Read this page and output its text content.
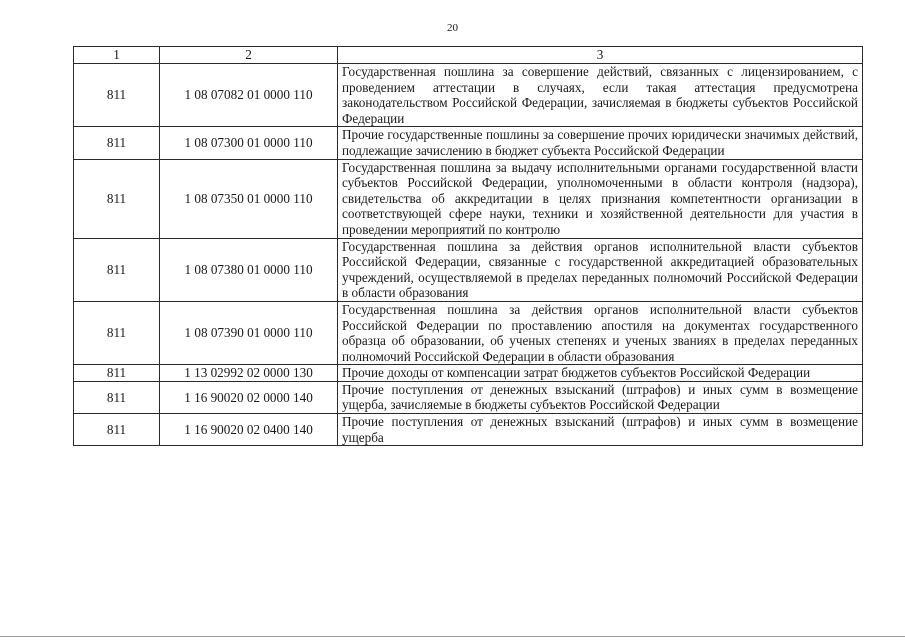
20
1	2	3
811	1 08 07082 01 0000 110	Государственная пошлина за совершение действий, связанных с лицензированием, с проведением аттестации в случаях, если такая аттестация предусмотрена законодательством Российской Федерации, зачисляемая в бюджеты субъектов Российской Федерации
811	1 08 07300 01 0000 110	Прочие государственные пошлины за совершение прочих юридически значимых действий, подлежащие зачислению в бюджет субъекта Российской Федерации
811	1 08 07350 01 0000 110	Государственная пошлина за выдачу исполнительными органами государственной власти субъектов Российской Федерации, уполномоченными в области контроля (надзора), свидетельства об аккредитации в целях признания компетентности организации в соответствующей сфере науки, техники и хозяйственной деятельности для участия в проведении мероприятий по контролю
811	1 08 07380 01 0000 110	Государственная пошлина за действия органов исполнительной власти субъектов Российской Федерации, связанные с государственной аккредитацией образовательных учреждений, осуществляемой в пределах переданных полномочий Российской Федерации в области образования
811	1 08 07390 01 0000 110	Государственная пошлина за действия органов исполнительной власти субъектов Российской Федерации по проставлению апостиля на документах государственного образца об образовании, об ученых степенях и ученых званиях в пределах переданных полномочий Российской Федерации в области образования
811	1 13 02992 02 0000 130	Прочие доходы от компенсации затрат бюджетов субъектов Российской Федерации
811	1 16 90020 02 0000 140	Прочие поступления от денежных взысканий (штрафов) и иных сумм в возмещение ущерба, зачисляемые в бюджеты субъектов Российской Федерации
811	1 16 90020 02 0400 140	Прочие поступления от денежных взысканий (штрафов) и иных сумм в возмещение ущерба
